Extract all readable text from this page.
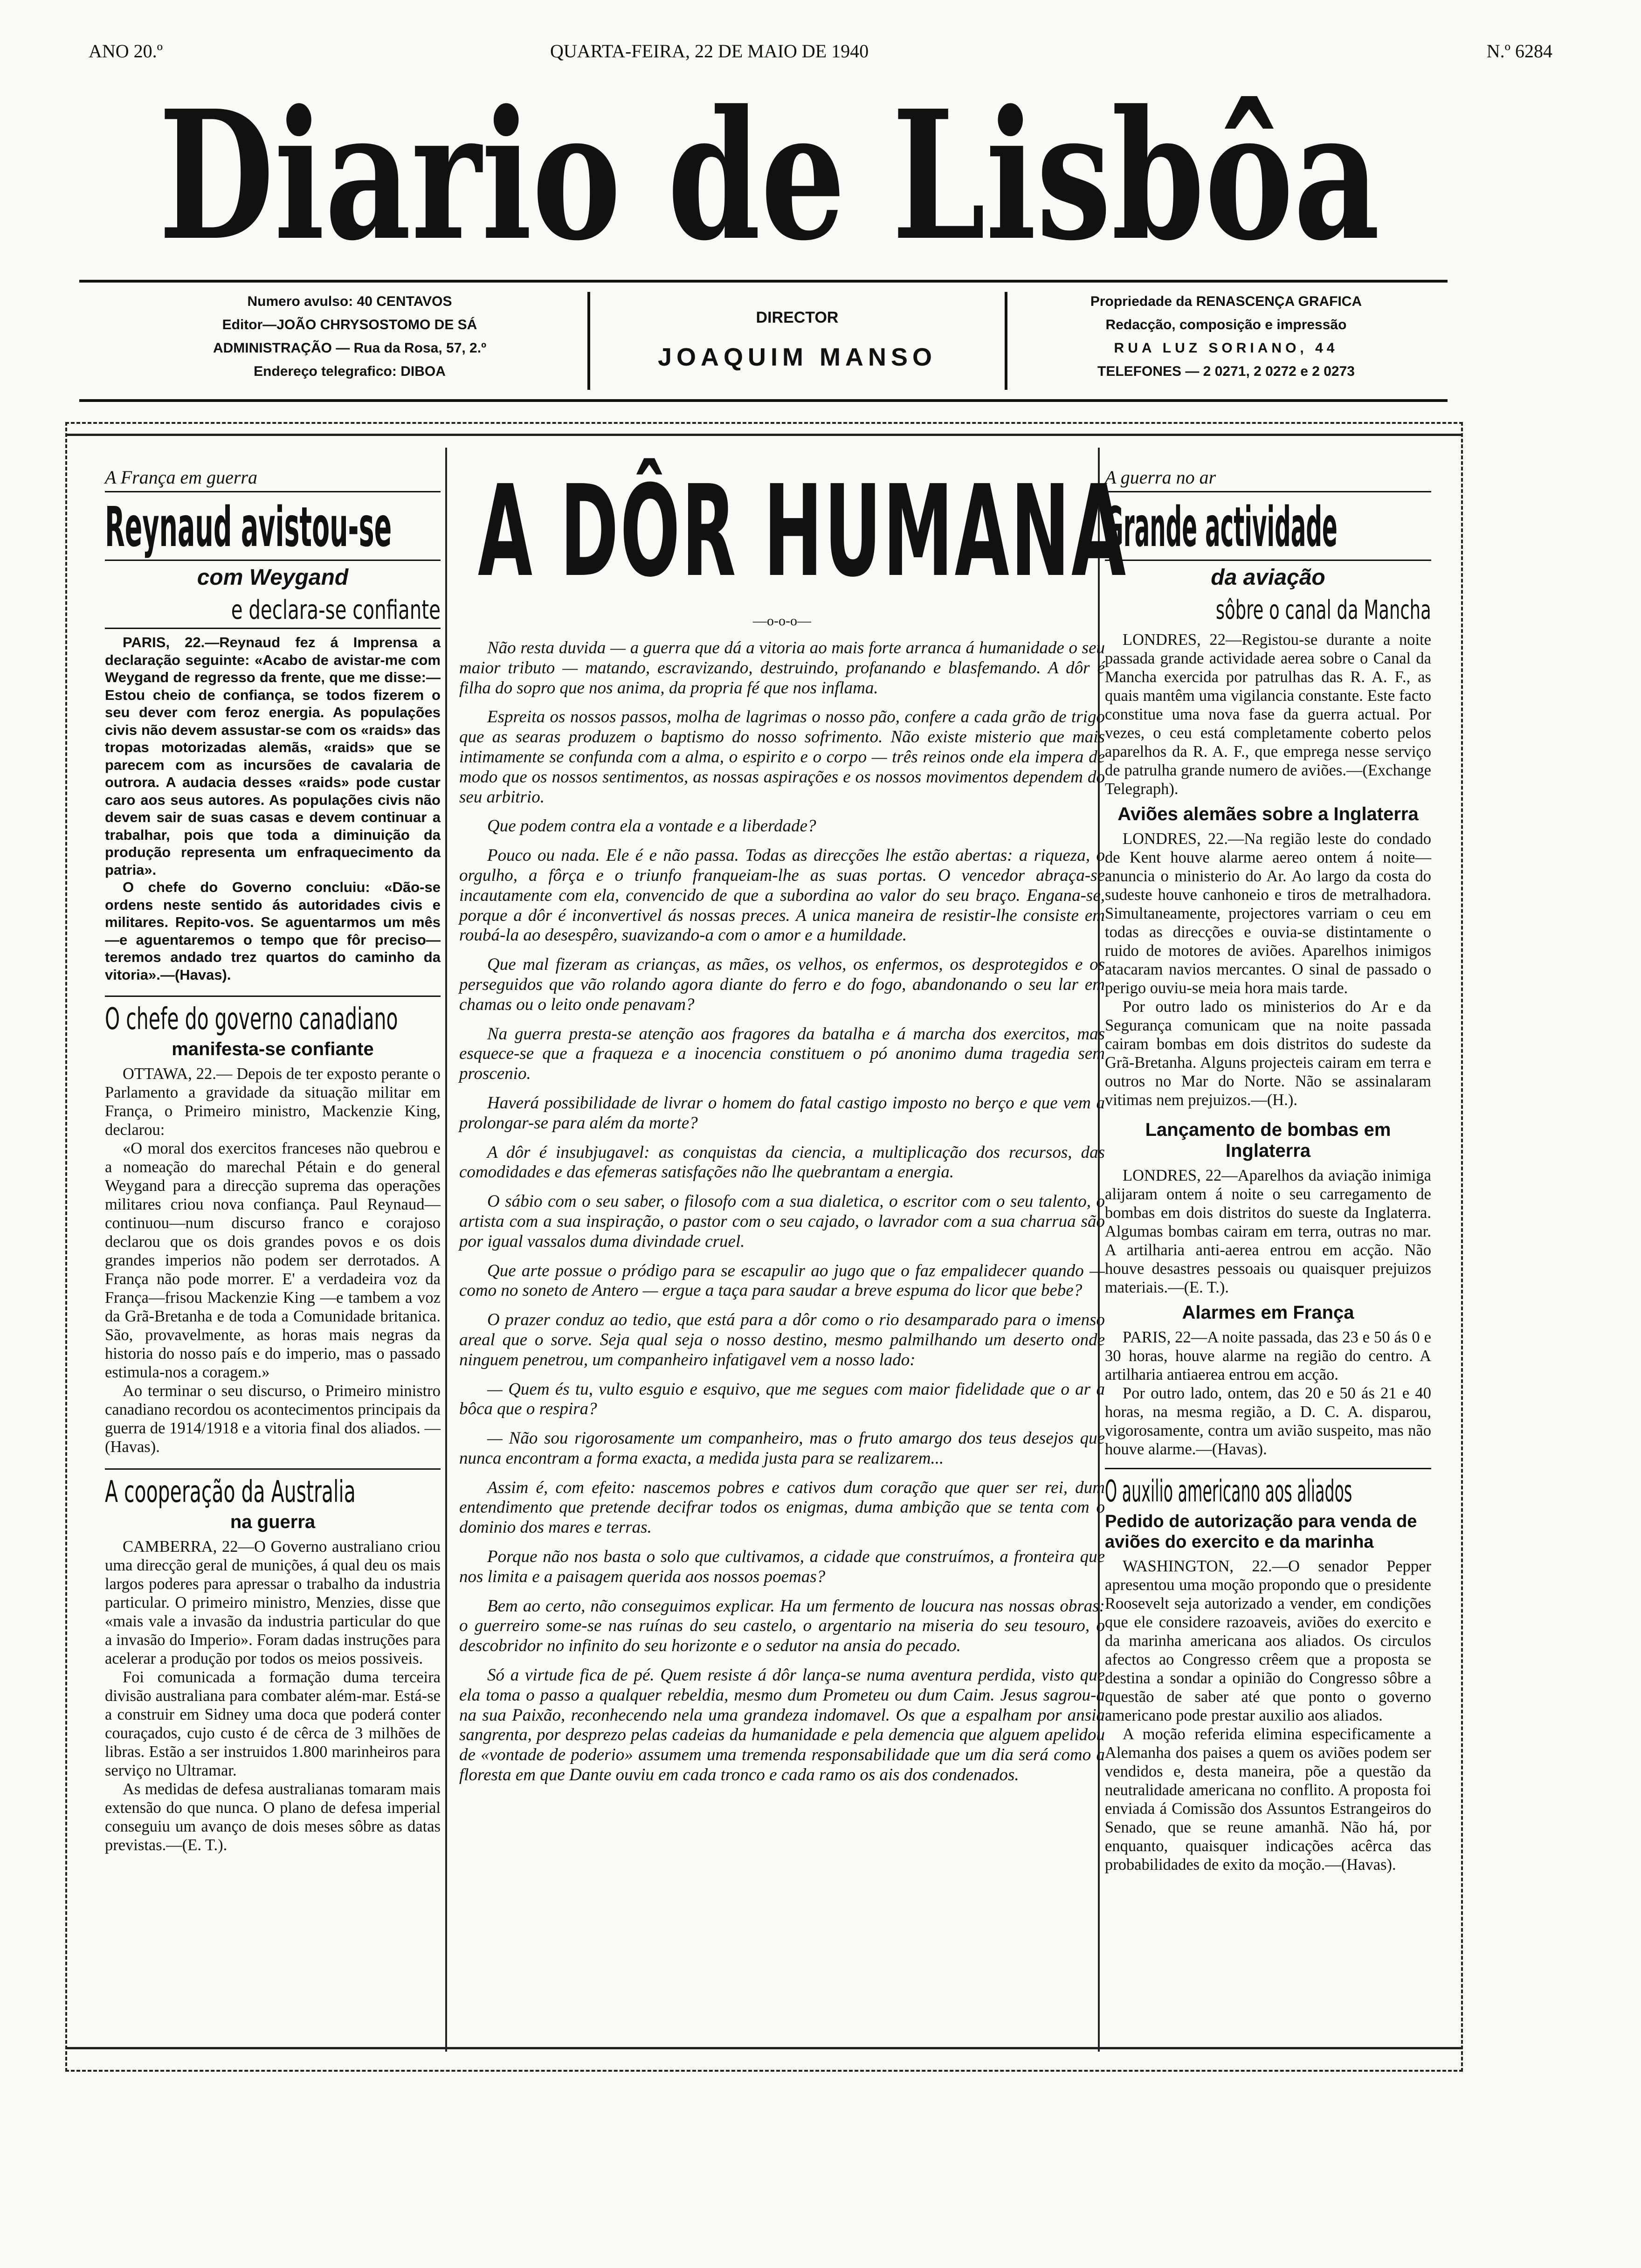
ANO 20.º	QUARTA-FEIRA, 22 DE MAIO DE 1940	N.º 6284
Diario de Lisbôa
Numero avulso: 40 CENTAVOS
Editor—JOÃO CHRYSOSTOMO DE SÁ
ADMINISTRAÇÃO — Rua da Rosa, 57, 2.º
Endereço telegrafico: DIBOA
DIRECTOR
JOAQUIM MANSO
Propriedade da RENASCENÇA GRAFICA
Redacção, composição e impressão
RUA LUZ SORIANO, 44
TELEFONES — 2 0271, 2 0272 e 2 0273
A França em guerra
Reynaud avistou-se
com Weygand
e declara-se confiante

PARIS, 22.—Reynaud fez á Imprensa a declaração seguinte: «Acabo de avistar-me com Weygand de regresso da frente, que me disse:—Estou cheio de confiança, se todos fizerem o seu dever com feroz energia. As populações civis não devem assustar-se com os «raids» das tropas motorizadas alemãs, «raids» que se parecem com as incursões de cavalaria de outrora. A audacia desses «raids» pode custar caro aos seus autores. As populações civis não devem sair de suas casas e devem continuar a trabalhar, pois que toda a diminuição da produção representa um enfraquecimento da patria».

O chefe do Governo concluiu: «Dão-se ordens neste sentido ás autoridades civis e militares. Repito-vos. Se aguentarmos um mês—e aguentaremos o tempo que fôr preciso—teremos andado trez quartos do caminho da vitoria».—(Havas).

O chefe do governo canadiano
manifesta-se confiante

OTTAWA, 22.— Depois de ter exposto perante o Parlamento a gravidade da situação militar em França, o Primeiro ministro, Mackenzie King, declarou:

«O moral dos exercitos franceses não quebrou e a nomeação do marechal Pétain e do general Weygand para a direcção suprema das operações militares criou nova confiança. Paul Reynaud—continuou—num discurso franco e corajoso declarou que os dois grandes povos e os dois grandes imperios não podem ser derrotados. A França não pode morrer. E' a verdadeira voz da França—frisou Mackenzie King —e tambem a voz da Grã-Bretanha e de toda a Comunidade britanica. São, provavelmente, as horas mais negras da historia do nosso país e do imperio, mas o passado estimula-nos a coragem.»

Ao terminar o seu discurso, o Primeiro ministro canadiano recordou os acontecimentos principais da guerra de 1914/1918 e a vitoria final dos aliados. —(Havas).

A cooperação da Australia
na guerra

CAMBERRA, 22—O Governo australiano criou uma direcção geral de munições, á qual deu os mais largos poderes para apressar o trabalho da industria particular. O primeiro ministro, Menzies, disse que «mais vale a invasão da industria particular do que a invasão do Imperio». Foram dadas instruções para acelerar a produção por todos os meios possiveis.

Foi comunicada a formação duma terceira divisão australiana para combater além-mar. Está-se a construir em Sidney uma doca que poderá conter couraçados, cujo custo é de cêrca de 3 milhões de libras. Estão a ser instruidos 1.800 marinheiros para serviço no Ultramar.

As medidas de defesa australianas tomaram mais extensão do que nunca. O plano de defesa imperial conseguiu um avanço de dois meses sôbre as datas previstas.—(E. T.).

A DÔR HUMANA
—o-o-o—

Não resta duvida — a guerra que dá a vitoria ao mais forte arranca á humanidade o seu maior tributo — matando, escravizando, destruindo, profanando e blasfemando. A dôr é filha do sopro que nos anima, da propria fé que nos inflama.

Espreita os nossos passos, molha de lagrimas o nosso pão, confere a cada grão de trigo que as searas produzem o baptismo do nosso sofrimento. Não existe misterio que mais intimamente se confunda com a alma, o espirito e o corpo — três reinos onde ela impera de modo que os nossos sentimentos, as nossas aspirações e os nossos movimentos dependem do seu arbitrio.

Que podem contra ela a vontade e a liberdade?

Pouco ou nada. Ele é e não passa. Todas as direcções lhe estão abertas: a riqueza, o orgulho, a fôrça e o triunfo franqueiam-lhe as suas portas. O vencedor abraça-se incautamente com ela, convencido de que a subordina ao valor do seu braço. Engana-se, porque a dôr é inconvertivel ás nossas preces. A unica maneira de resistir-lhe consiste em roubá-la ao desespêro, suavizando-a com o amor e a humildade.

Que mal fizeram as crianças, as mães, os velhos, os enfermos, os desprotegidos e os perseguidos que vão rolando agora diante do ferro e do fogo, abandonando o seu lar em chamas ou o leito onde penavam?

Na guerra presta-se atenção aos fragores da batalha e á marcha dos exercitos, mas esquece-se que a fraqueza e a inocencia constituem o pó anonimo duma tragedia sem proscenio.

Haverá possibilidade de livrar o homem do fatal castigo imposto no berço e que vem a prolongar-se para além da morte?

A dôr é insubjugavel: as conquistas da ciencia, a multiplicação dos recursos, das comodidades e das efemeras satisfações não lhe quebrantam a energia.

O sábio com o seu saber, o filosofo com a sua dialetica, o escritor com o seu talento, o artista com a sua inspiração, o pastor com o seu cajado, o lavrador com a sua charrua são por igual vassalos duma divindade cruel.

Que arte possue o pródigo para se escapulir ao jugo que o faz empalidecer quando — como no soneto de Antero — ergue a taça para saudar a breve espuma do licor que bebe?

O prazer conduz ao tedio, que está para a dôr como o rio desamparado para o imenso areal que o sorve. Seja qual seja o nosso destino, mesmo palmilhando um deserto onde ninguem penetrou, um companheiro infatigavel vem a nosso lado:

— Quem és tu, vulto esguio e esquivo, que me segues com maior fidelidade que o ar a bôca que o respira?

— Não sou rigorosamente um companheiro, mas o fruto amargo dos teus desejos que nunca encontram a forma exacta, a medida justa para se realizarem...

Assim é, com efeito: nascemos pobres e cativos dum coração que quer ser rei, dum entendimento que pretende decifrar todos os enigmas, duma ambição que se tenta com o dominio dos mares e terras.

Porque não nos basta o solo que cultivamos, a cidade que construímos, a fronteira que nos limita e a paisagem querida aos nossos poemas?

Bem ao certo, não conseguimos explicar. Ha um fermento de loucura nas nossas obras: o guerreiro some-se nas ruínas do seu castelo, o argentario na miseria do seu tesouro, o descobridor no infinito do seu horizonte e o sedutor na ansia do pecado.

Só a virtude fica de pé. Quem resiste á dôr lança-se numa aventura perdida, visto que ela toma o passo a qualquer rebeldia, mesmo dum Prometeu ou dum Caim. Jesus sagrou-a na sua Paixão, reconhecendo nela uma grandeza indomavel. Os que a espalham por ansia sangrenta, por desprezo pelas cadeias da humanidade e pela demencia que alguem apelidou de «vontade de poderio» assumem uma tremenda responsabilidade que um dia será como a floresta em que Dante ouviu em cada tronco e cada ramo os ais dos condenados.

A guerra no ar
Grande actividade
da aviação
sôbre o canal da Mancha

LONDRES, 22—Registou-se durante a noite passada grande actividade aerea sobre o Canal da Mancha exercida por patrulhas das R. A. F., as quais mantêm uma vigilancia constante. Este facto constitue uma nova fase da guerra actual. Por vezes, o ceu está completamente coberto pelos aparelhos da R. A. F., que emprega nesse serviço de patrulha grande numero de aviões.—(Exchange Telegraph).

Aviões alemães sobre a Inglaterra

LONDRES, 22.—Na região leste do condado de Kent houve alarme aereo ontem á noite—anuncia o ministerio do Ar. Ao largo da costa do sudeste houve canhoneio e tiros de metralhadora. Simultaneamente, projectores varriam o ceu em todas as direcções e ouvia-se distintamente o ruido de motores de aviões. Aparelhos inimigos atacaram navios mercantes. O sinal de passado o perigo ouviu-se meia hora mais tarde.

Por outro lado os ministerios do Ar e da Segurança comunicam que na noite passada cairam bombas em dois distritos do sudeste da Grã-Bretanha. Alguns projecteis cairam em terra e outros no Mar do Norte. Não se assinalaram vitimas nem prejuizos.—(H.).

Lançamento de bombas em Inglaterra

LONDRES, 22—Aparelhos da aviação inimiga alijaram ontem á noite o seu carregamento de bombas em dois distritos do sueste da Inglaterra. Algumas bombas cairam em terra, outras no mar. A artilharia anti-aerea entrou em acção. Não houve desastres pessoais ou quaisquer prejuizos materiais.—(E. T.).

Alarmes em França

PARIS, 22—A noite passada, das 23 e 50 ás 0 e 30 horas, houve alarme na região do centro. A artilharia antiaerea entrou em acção.

Por outro lado, ontem, das 20 e 50 ás 21 e 40 horas, na mesma região, a D. C. A. disparou, vigorosamente, contra um avião suspeito, mas não houve alarme.—(Havas).

O auxilio americano aos aliados
Pedido de autorização para venda de aviões do exercito e da marinha

WASHINGTON, 22.—O senador Pepper apresentou uma moção propondo que o presidente Roosevelt seja autorizado a vender, em condições que ele considere razoaveis, aviões do exercito e da marinha americana aos aliados. Os circulos afectos ao Congresso crêem que a proposta se destina a sondar a opinião do Congresso sôbre a questão de saber até que ponto o governo americano pode prestar auxilio aos aliados.

A moção referida elimina especificamente a Alemanha dos paises a quem os aviões podem ser vendidos e, desta maneira, põe a questão da neutralidade americana no conflito. A proposta foi enviada á Comissão dos Assuntos Estrangeiros do Senado, que se reune amanhã. Não há, por enquanto, quaisquer indicações acêrca das probabilidades de exito da moção.—(Havas).
